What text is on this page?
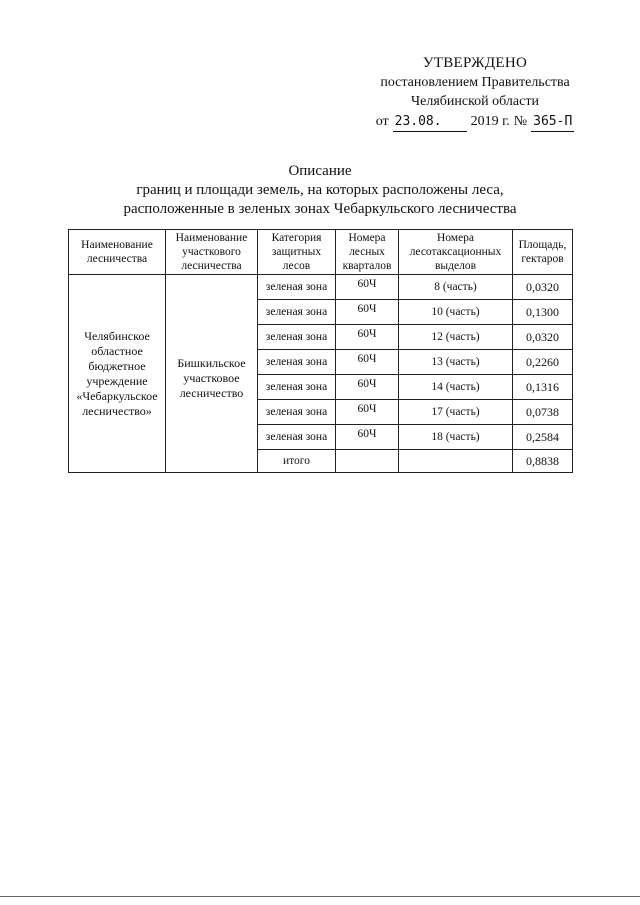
УТВЕРЖДЕНО
постановлением Правительства
Челябинской области
от 23.08.	2019 г. № 365-П
Описание
границ и площади земель, на которых расположены леса,
расположенные в зеленых зонах Чебаркульского лесничества
Наименование лесничества	Наименование участкового лесничества	Категория защитных лесов	Номера лесных кварталов	Номера лесотаксационных выделов	Площадь, гектаров
Челябинское областное бюджетное учреждение «Чебаркульское лесничество»	Бишкильское участковое лесничество	зеленая зона	60Ч	8 (часть)	0,0320
		зеленая зона	60Ч	10 (часть)	0,1300
		зеленая зона	60Ч	12 (часть)	0,0320
		зеленая зона	60Ч	13 (часть)	0,2260
		зеленая зона	60Ч	14 (часть)	0,1316
		зеленая зона	60Ч	17 (часть)	0,0738
		зеленая зона	60Ч	18 (часть)	0,2584
		итого			0,8838
